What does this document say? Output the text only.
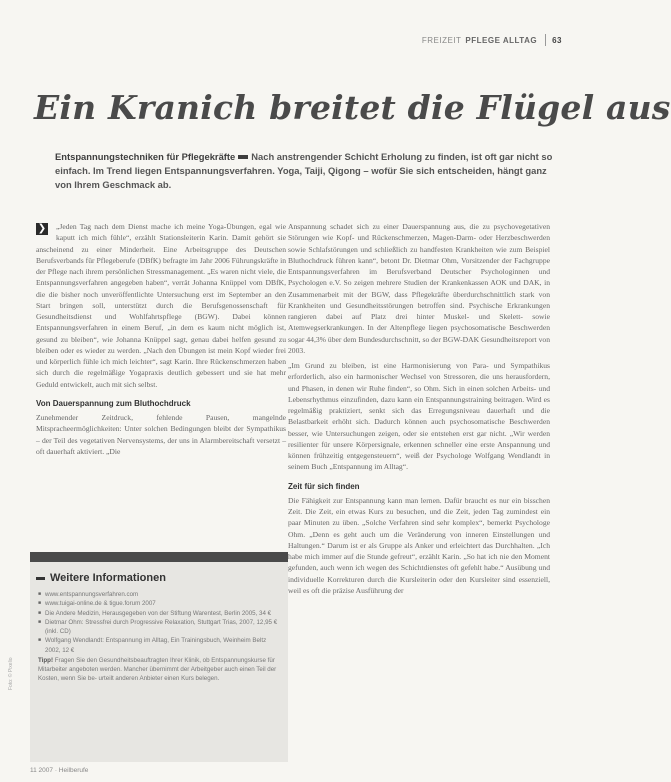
FREIZEIT PFLEGE ALLTAG 63
Ein Kranich breitet die Flügel aus
Entspannungstechniken für Pflegekräfte Nach anstrengender Schicht Erholung zu finden, ist oft gar nicht so einfach. Im Trend liegen Entspannungsverfahren. Yoga, Taiji, Qigong – wofür Sie sich entscheiden, hängt ganz von Ihrem Geschmack ab.
❯	„Jeden Tag nach dem Dienst mache ich meine Yoga-Übungen, egal wie kaputt ich mich fühle“, erzählt Stationsleiterin Karin. Damit gehört sie anscheinend zu einer Minderheit. Eine Arbeitsgruppe des Deutschen Berufsverbands für Pflegeberufe (DBfK) befragte im Jahr 2006 Führungskräfte in der Pflege nach ihrem persönlichen Stressmanagement. „Es waren nicht viele, die Entspannungsverfahren angegeben haben“, verrät Johanna Knüppel vom DBfK, die die bisher noch unveröffentlichte Untersuchung erst im September an den Start bringen soll, unterstützt durch die Berufsgenossenschaft für Gesundheitsdienst und Wohlfahrtspflege (BGW). Dabei können Entspannungsverfahren in einem Beruf, „in dem es kaum nicht möglich ist, gesund zu bleiben“, wie Johanna Knüppel sagt, genau dabei helfen gesund zu bleiben oder es wieder zu werden. „Nach den Übungen ist mein Kopf wieder frei und körperlich fühle ich mich leichter“, sagt Karin. Ihre Rückenschmerzen haben sich durch die regelmäßige Yogapraxis deutlich gebessert und sie hat mehr Geduld entwickelt, auch mit sich selbst.

Von Dauerspannung zum Bluthochdruck

Zunehmender Zeitdruck, fehlende Pausen, mangelnde Mitspracheermöglichkeiten: Unter solchen Bedingungen bleibt der Sympathikus – der Teil des vegetativen Nervensystems, der uns in Alarmbereitschaft versetzt – oft dauerhaft aktiviert. „Die

Anspannung schadet sich zu einer Dauerspannung aus, die zu psychovegetativen Störungen wie Kopf- und Rückenschmerzen, Magen-Darm- oder Herzbeschwerden sowie Schlafstörungen und schließlich zu handfesten Krankheiten wie zum Beispiel Bluthochdruck führen kann“, betont Dr. Dietmar Ohm, Vorsitzender der Fachgruppe Entspannungsverfahren im Berufsverband Deutscher Psychologinnen und Psychologen e.V. So zeigen mehrere Studien der Krankenkassen AOK und DAK, in Zusammenarbeit mit der BGW, dass Pflegekräfte überdurchschnittlich stark von Krankheiten und Gesundheitsstörungen betroffen sind. Psychische Erkrankungen rangieren dabei auf Platz drei hinter Muskel- und Skelett- sowie Atemwegserkrankungen. In der Altenpflege liegen psychosomatische Beschwerden sogar 44,3% über dem Bundesdurchschnitt, so der BGW-DAK Gesundheitsreport von 2003.

„Im Grund zu bleiben, ist eine Harmonisierung von Para- und Sympathikus erforderlich, also ein harmonischer Wechsel von Stressoren, die uns herausfordern, und Phasen, in denen wir Ruhe finden“, so Ohm. Sich in einen solchen Arbeits- und Lebensrhythmus einzufinden, dazu kann ein Entspannungstraining beitragen. Wird es regelmäßig praktiziert, senkt sich das Erregungsniveau dauerhaft und die Belastbarkeit erhöht sich. Dadurch können auch psychosomatische Beschwerden besser, wie Untersuchungen zeigen, oder sie entstehen erst gar nicht. „Wir werden resilienter für unsere Körpersignale, erkennen schneller eine erste Anspannung und können frühzeitig entgegensteuern“, weiß der Psychologe Wolfgang Wendlandt in seinem Buch „Entspannung im Alltag“.

Zeit für sich finden

Die Fähigkeit zur Entspannung kann man lernen. Dafür braucht es nur ein bisschen Zeit. Die Zeit, ein etwas Kurs zu besuchen, und die Zeit, jeden Tag zumindest ein paar Minuten zu üben. „Solche Verfahren sind sehr komplex“, bemerkt Psychologe Ohm. „Denn es geht auch um die Veränderung von inneren Einstellungen und Haltungen.“ Darum ist er als Gruppe als Anker und erleichtert das Durchhalten. „Ich habe mich immer auf die Stunde gefreut“, erzählt Karin. „So hat ich nie den Moment gefunden, auch wenn ich wegen des Schichtdienstes oft gefehlt habe.“ Ausübung und individuelle Korrekturen durch die Kursleiterin oder den Kursleiter sind essenziell, weil es oft die präzise Ausführung der

Weitere Informationen
■ www.entspannungsverfahren.com
■ www.tuigai-online.de & tigue.forum 2007
■ Die Andere Medizin, Herausgegeben von der Stiftung Warentest, Berlin 2005, 34 €
■ Dietmar Ohm: Stressfrei durch Progressive Relaxation, Stuttgart Trias, 2007, 12,95 € (inkl. CD)
■ Wolfgang Wendlandt: Entspannung im Alltag, Ein Trainingsbuch, Weinheim Beltz 2002, 12 €
Tipp! Fragen Sie den Gesundheitsbeauftragten Ihrer Klinik, ob Entspannungskurse für Mitarbeiter angeboten werden. Mancher übernimmt der Arbeitgeber auch einen Teil der Kosten, wenn Sie be- urteilt anderen Anbieter einen Kurs belegen.
Foto: © Pixelio
11 2007 · Heilberufe
